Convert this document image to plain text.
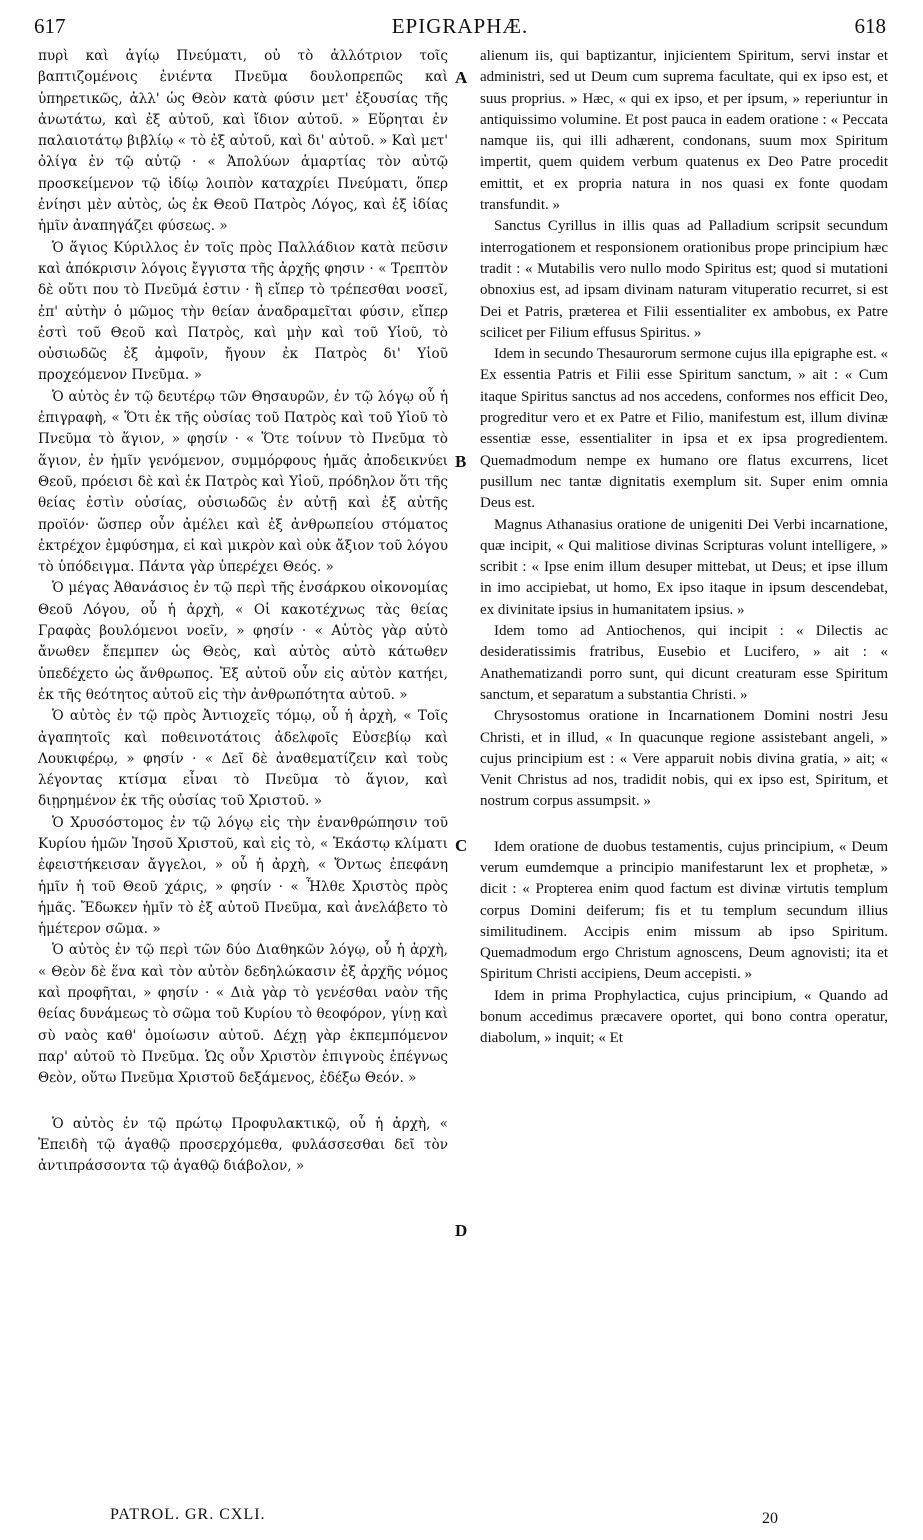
617	EPIGRAPHÆ.	618

πυρὶ καὶ ἁγίῳ Πνεύματι, οὐ τὸ ἀλλότριον τοῖς βαπτιζομένοις ἐνιέντα Πνεῦμα δουλοπρεπῶς καὶ ὑπηρετικῶς, ἀλλ' ὡς Θεὸν κατὰ φύσιν μετ' ἐξουσίας τῆς ἀνωτάτω, καὶ ἐξ αὐτοῦ, καὶ ἴδιον αὐτοῦ. » Εὕρηται ἐν παλαιοτάτῳ βιβλίῳ « τὸ ἐξ αὐτοῦ, καὶ δι' αὐτοῦ. » Καὶ μετ' ὀλίγα ἐν τῷ αὐτῷ · « Ἀπολύων ἁμαρτίας τὸν αὐτῷ προσκείμενον τῷ ἰδίῳ λοιπὸν καταχρίει Πνεύματι, ὅπερ ἐνίησι μὲν αὐτὸς, ὡς ἐκ Θεοῦ Πατρὸς Λόγος, καὶ ἐξ ἰδίας ἡμῖν ἀναπηγάζει φύσεως. »

Ὁ ἅγιος Κύριλλος ἐν τοῖς πρὸς Παλλάδιον κατὰ πεῦσιν καὶ ἀπόκρισιν λόγοις ἔγγιστα τῆς ἀρχῆς φησιν · « Τρεπτὸν δὲ οὔτι που τὸ Πνεῦμά ἐστιν · ἢ εἴπερ τὸ τρέπεσθαι νοσεῖ, ἐπ' αὐτὴν ὁ μῶμος τὴν θείαν ἀναδραμεῖται φύσιν, εἴπερ ἐστὶ τοῦ Θεοῦ καὶ Πατρὸς, καὶ μὴν καὶ τοῦ Υἱοῦ, τὸ οὐσιωδῶς ἐξ ἀμφοῖν, ἤγουν ἐκ Πατρὸς δι' Υἱοῦ προχεόμενον Πνεῦμα. »

Ὁ αὐτὸς ἐν τῷ δευτέρῳ τῶν Θησαυρῶν, ἐν τῷ λόγῳ οὗ ἡ ἐπιγραφὴ, « Ὅτι ἐκ τῆς οὐσίας τοῦ Πατρὸς καὶ τοῦ Υἱοῦ τὸ Πνεῦμα τὸ ἅγιον, » φησίν · « Ὅτε τοίνυν τὸ Πνεῦμα τὸ ἅγιον, ἐν ἡμῖν γενόμενον, συμμόρφους ἡμᾶς ἀποδεικνύει Θεοῦ, πρόεισι δὲ καὶ ἐκ Πατρὸς καὶ Υἱοῦ, πρόδηλον ὅτι τῆς θείας ἐστὶν οὐσίας, οὐσιωδῶς ἐν αὐτῇ καὶ ἐξ αὐτῆς προϊόν· ὥσπερ οὖν ἀμέλει καὶ ἐξ ἀνθρωπείου στόματος ἐκτρέχον ἐμφύσημα, εἰ καὶ μικρὸν καὶ οὐκ ἄξιον τοῦ λόγου τὸ ὑπόδειγμα. Πάντα γὰρ ὑπερέχει Θεός. »

Ὁ μέγας Ἀθανάσιος ἐν τῷ περὶ τῆς ἐνσάρκου οἰκονομίας Θεοῦ Λόγου, οὗ ἡ ἀρχὴ, « Οἱ κακοτέχνως τὰς θείας Γραφὰς βουλόμενοι νοεῖν, » φησίν · « Αὐτὸς γὰρ αὐτὸ ἄνωθεν ἔπεμπεν ὡς Θεὸς, καὶ αὐτὸς αὐτὸ κάτωθεν ὑπεδέχετο ὡς ἄνθρωπος. Ἐξ αὐτοῦ οὖν εἰς αὐτὸν κατήει, ἐκ τῆς θεότητος αὐτοῦ εἰς τὴν ἀνθρωπότητα αὐτοῦ. »

Ὁ αὐτὸς ἐν τῷ πρὸς Ἀντιοχεῖς τόμῳ, οὗ ἡ ἀρχὴ, « Τοῖς ἀγαπητοῖς καὶ ποθεινοτάτοις ἀδελφοῖς Εὐσεβίῳ καὶ Λουκιφέρῳ, » φησίν · « Δεῖ δὲ ἀναθεματίζειν καὶ τοὺς λέγοντας κτίσμα εἶναι τὸ Πνεῦμα τὸ ἅγιον, καὶ διῃρημένον ἐκ τῆς οὐσίας τοῦ Χριστοῦ. »

Ὁ Χρυσόστομος ἐν τῷ λόγῳ εἰς τὴν ἐνανθρώπησιν τοῦ Κυρίου ἡμῶν Ἰησοῦ Χριστοῦ, καὶ εἰς τὸ, « Ἑκάστῳ κλίματι ἐφειστήκεισαν ἄγγελοι, » οὗ ἡ ἀρχὴ, « Ὄντως ἐπεφάνη ἡμῖν ἡ τοῦ Θεοῦ χάρις, » φησίν · « Ἦλθε Χριστὸς πρὸς ἡμᾶς. Ἔδωκεν ἡμῖν τὸ ἐξ αὐτοῦ Πνεῦμα, καὶ ἀνελάβετο τὸ ἡμέτερον σῶμα. »

Ὁ αὐτὸς ἐν τῷ περὶ τῶν δύο Διαθηκῶν λόγῳ, οὗ ἡ ἀρχὴ, « Θεὸν δὲ ἕνα καὶ τὸν αὐτὸν δεδηλώκασιν ἐξ ἀρχῆς νόμος καὶ προφῆται, » φησίν · « Διὰ γὰρ τὸ γενέσθαι ναὸν τῆς θείας δυνάμεως τὸ σῶμα τοῦ Κυρίου τὸ θεοφόρον, γίνῃ καὶ σὺ ναὸς καθ' ὁμοίωσιν αὐτοῦ. Δέχῃ γὰρ ἐκπεμπόμενον παρ' αὐτοῦ τὸ Πνεῦμα. Ὡς οὖν Χριστὸν ἐπιγνοὺς ἐπέγνως Θεὸν, οὕτω Πνεῦμα Χριστοῦ δεξάμενος, ἐδέξω Θεόν. »

Ὁ αὐτὸς ἐν τῷ πρώτῳ Προφυλακτικῷ, οὗ ἡ ἀρχὴ, « Ἐπειδὴ τῷ ἀγαθῷ προσερχόμεθα, φυλάσσεσθαι δεῖ τὸν ἀντιπράσσοντα τῷ ἀγαθῷ διάβολον, »

alienum iis, qui baptizantur, injicientem Spiritum, servi instar et administri, sed ut Deum cum suprema facultate, qui ex ipso est, et suus proprius. » Hæc, « qui ex ipso, et per ipsum, » reperiuntur in antiquissimo volumine. Et post pauca in eadem oratione : « Peccata namque iis, qui illi adhærent, condonans, suum mox Spiritum impertit, quem quidem verbum quatenus ex Deo Patre procedit emittit, et ex propria natura in nos quasi ex fonte quodam transfundit. »

Sanctus Cyrillus in illis quas ad Palladium scripsit secundum interrogationem et responsionem orationibus prope principium hæc tradit : « Mutabilis vero nullo modo Spiritus est; quod si mutationi obnoxius est, ad ipsam divinam naturam vituperatio recurret, si est Dei et Patris, præterea et Filii essentialiter ex ambobus, ex Patre scilicet per Filium effusus Spiritus. »

Idem in secundo Thesaurorum sermone cujus illa epigraphe est. « Ex essentia Patris et Filii esse Spiritum sanctum, » ait : « Cum itaque Spiritus sanctus ad nos accedens, conformes nos efficit Deo, progreditur vero et ex Patre et Filio, manifestum est, illum divinæ essentiæ esse, essentialiter in ipsa et ex ipsa progredientem. Quemadmodum nempe ex humano ore flatus excurrens, licet pusillum nec tantæ dignitatis exemplum sit. Super enim omnia Deus est.

Magnus Athanasius oratione de unigeniti Dei Verbi incarnatione, quæ incipit, « Qui malitiose divinas Scripturas volunt intelligere, » scribit : « Ipse enim illum desuper mittebat, ut Deus; et ipse illum in imo accipiebat, ut homo, Ex ipso itaque in ipsum descendebat, ex divinitate ipsius in humanitatem ipsius. »

Idem tomo ad Antiochenos, qui incipit : « Dilectis ac desideratissimis fratribus, Eusebio et Lucifero, » ait : « Anathematizandi porro sunt, qui dicunt creaturam esse Spiritum sanctum, et separatum a substantia Christi. »

Chrysostomus oratione in Incarnationem Domini nostri Jesu Christi, et in illud, « In quacunque regione assistebant angeli, » cujus principium est : « Vere apparuit nobis divina gratia, » ait; « Venit Christus ad nos, tradidit nobis, qui ex ipso est, Spiritum, et nostrum corpus assumpsit. »

Idem oratione de duobus testamentis, cujus principium, « Deum verum eumdemque a principio manifestarunt lex et prophetæ, » dicit : « Propterea enim quod factum est divinæ virtutis templum corpus Domini deiferum; fis et tu templum secundum illius similitudinem. Accipis enim missum ab ipso Spiritum. Quemadmodum ergo Christum agnoscens, Deum agnovisti; ita et Spiritum Christi accipiens, Deum accepisti. »

Idem in prima Prophylactica, cujus principium, « Quando ad bonum accedimus præcavere oportet, qui bono contra operatur, diabolum, » inquit; « Et

A
B
C
D
PATROL. GR. CXLI.	20
